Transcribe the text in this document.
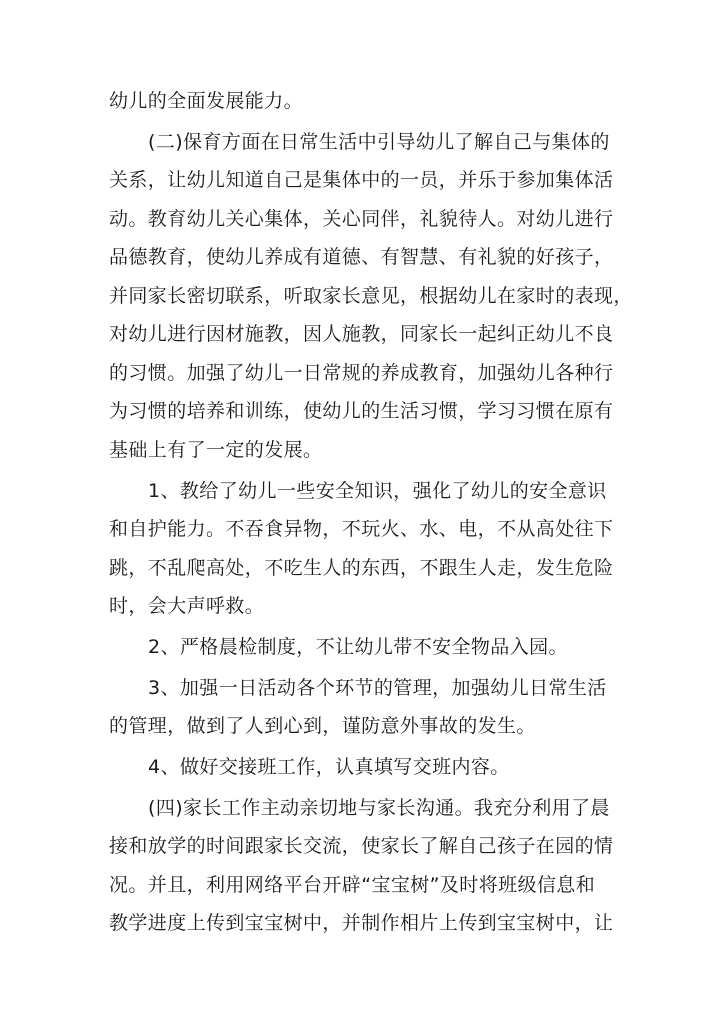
幼儿的全面发展能力。
(二)保育方面在日常生活中引导幼儿了解自己与集体的
关系，让幼儿知道自己是集体中的一员，并乐于参加集体活
动。教育幼儿关心集体，关心同伴，礼貌待人。对幼儿进行
品德教育，使幼儿养成有道德、有智慧、有礼貌的好孩子，
并同家长密切联系，听取家长意见，根据幼儿在家时的表现，
对幼儿进行因材施教，因人施教，同家长一起纠正幼儿不良
的习惯。加强了幼儿一日常规的养成教育，加强幼儿各种行
为习惯的培养和训练，使幼儿的生活习惯，学习习惯在原有
基础上有了一定的发展。
1、教给了幼儿一些安全知识，强化了幼儿的安全意识
和自护能力。不吞食异物，不玩火、水、电，不从高处往下
跳，不乱爬高处，不吃生人的东西，不跟生人走，发生危险
时，会大声呼救。
2、严格晨检制度，不让幼儿带不安全物品入园。
3、加强一日活动各个环节的管理，加强幼儿日常生活
的管理，做到了人到心到，谨防意外事故的发生。
4、做好交接班工作，认真填写交班内容。
(四)家长工作主动亲切地与家长沟通。我充分利用了晨
接和放学的时间跟家长交流，使家长了解自己孩子在园的情
况。并且，利用网络平台开辟“宝宝树”及时将班级信息和
教学进度上传到宝宝树中，并制作相片上传到宝宝树中，让
